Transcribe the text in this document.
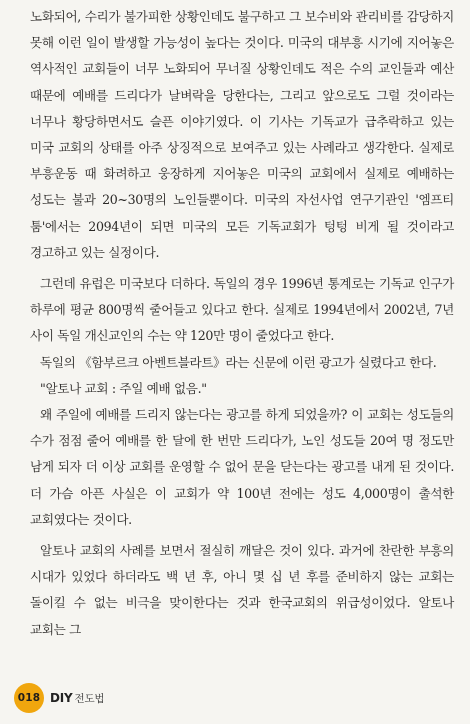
노화되어, 수리가 불가피한 상황인데도 불구하고 그 보수비와 관리비를 감당하지 못해 이런 일이 발생할 가능성이 높다는 것이다. 미국의 대부흥 시기에 지어놓은 역사적인 교회들이 너무 노화되어 무너질 상황인데도 적은 수의 교인들과 예산 때문에 예배를 드리다가 날벼락을 당한다는, 그리고 앞으로도 그럴 것이라는 너무나 황당하면서도 슬픈 이야기였다. 이 기사는 기독교가 급추락하고 있는 미국 교회의 상태를 아주 상징적으로 보여주고 있는 사례라고 생각한다. 실제로 부흥운동 때 화려하고 웅장하게 지어놓은 미국의 교회에서 실제로 예배하는 성도는 불과 20~30명의 노인들뿐이다. 미국의 자선사업 연구기관인 '엠프티 툼'에서는 2094년이 되면 미국의 모든 기독교회가 텅텅 비게 될 것이라고 경고하고 있는 실정이다.

그런데 유럽은 미국보다 더하다. 독일의 경우 1996년 통계로는 기독교 인구가 하루에 평균 800명씩 줄어들고 있다고 한다. 실제로 1994년에서 2002년, 7년 사이 독일 개신교인의 수는 약 120만 명이 줄었다고 한다.

독일의 《함부르크 아벤트블라트》라는 신문에 이런 광고가 실렸다고 한다.

"알토나 교회 : 주일 예배 없음."

왜 주일에 예배를 드리지 않는다는 광고를 하게 되었을까? 이 교회는 성도들의 수가 점점 줄어 예배를 한 달에 한 번만 드리다가, 노인 성도들 20여 명 정도만 남게 되자 더 이상 교회를 운영할 수 없어 문을 닫는다는 광고를 내게 된 것이다. 더 가슴 아픈 사실은 이 교회가 약 100년 전에는 성도 4,000명이 출석한 교회였다는 것이다.

알토나 교회의 사례를 보면서 절실히 깨달은 것이 있다. 과거에 찬란한 부흥의 시대가 있었다 하더라도 백 년 후, 아니 몇 십 년 후를 준비하지 않는 교회는 돌이킬 수 없는 비극을 맞이한다는 것과 한국교회의 위급성이었다. 알토나 교회는 그

018 DIY 전도법
